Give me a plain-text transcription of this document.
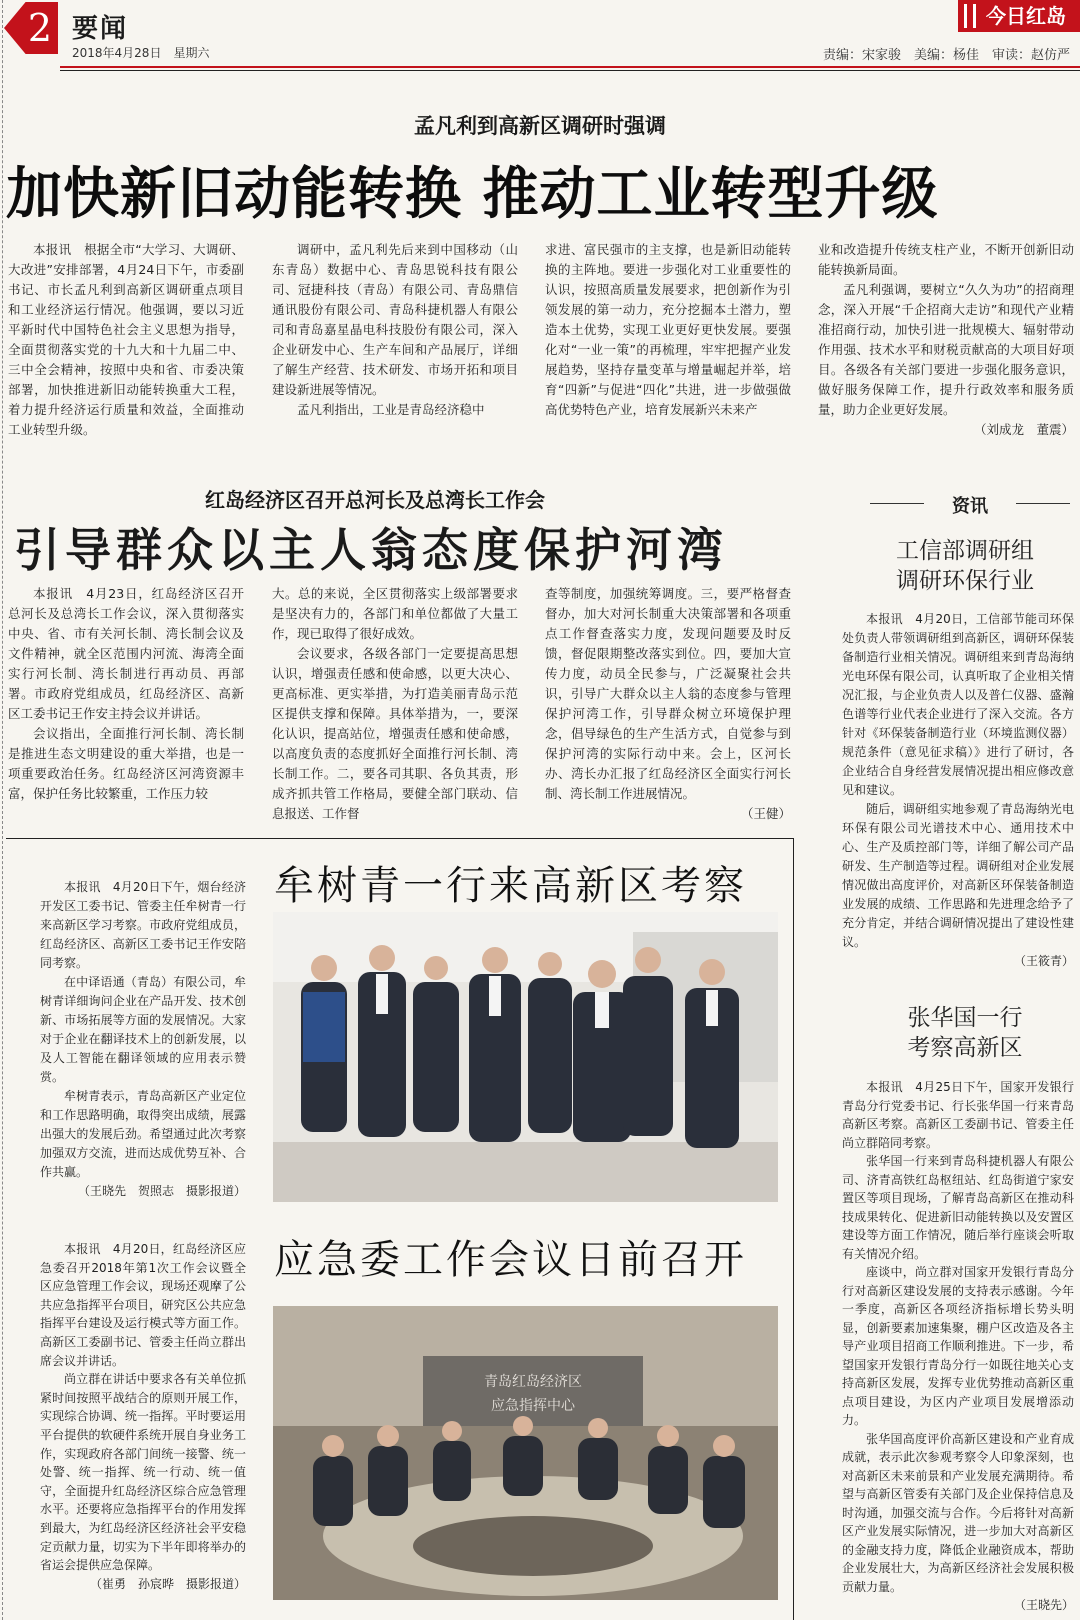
2 要闻
2018年4月28日　星期六	责编：宋家骏　美编：杨佳　审读：赵仿严
今日红岛
孟凡利到高新区调研时强调
加快新旧动能转换 推动工业转型升级

本报讯　根据全市“大学习、大调研、大改进”安排部署，4月24日下午，市委副书记、市长孟凡利到高新区调研重点项目和工业经济运行情况。他强调，要以习近平新时代中国特色社会主义思想为指导，全面贯彻落实党的十九大和十九届二中、三中全会精神，按照中央和省、市委决策部署，加快推进新旧动能转换重大工程，着力提升经济运行质量和效益，全面推动工业转型升级。

调研中，孟凡利先后来到中国移动（山东青岛）数据中心、青岛思锐科技有限公司、冠捷科技（青岛）有限公司、青岛鼎信通讯股份有限公司、青岛科捷机器人有限公司和青岛嘉星晶电科技股份有限公司，深入企业研发中心、生产车间和产品展厅，详细了解生产经营、技术研发、市场开拓和项目建设新进展等情况。

孟凡利指出，工业是青岛经济稳中

求进、富民强市的主支撑，也是新旧动能转换的主阵地。要进一步强化对工业重要性的认识，按照高质量发展要求，把创新作为引领发展的第一动力，充分挖掘本土潜力，塑造本土优势，实现工业更好更快发展。要强化对“一业一策”的再梳理，牢牢把握产业发展趋势，坚持存量变革与增量崛起并举，培育“四新”与促进“四化”共进，进一步做强做高优势特色产业，培育发展新兴未来产

业和改造提升传统支柱产业，不断开创新旧动能转换新局面。

孟凡利强调，要树立“久久为功”的招商理念，深入开展“千企招商大走访”和现代产业精准招商行动，加快引进一批规模大、辐射带动作用强、技术水平和财税贡献高的大项目好项目。各级各有关部门要进一步强化服务意识，做好服务保障工作，提升行政效率和服务质量，助力企业更好发展。

（刘成龙　董震）

红岛经济区召开总河长及总湾长工作会
引导群众以主人翁态度保护河湾

本报讯　4月23日，红岛经济区召开总河长及总湾长工作会议，深入贯彻落实中央、省、市有关河长制、湾长制会议及文件精神，就全区范围内河流、海湾全面实行河长制、湾长制进行再动员、再部署。市政府党组成员，红岛经济区、高新区工委书记王作安主持会议并讲话。

会议指出，全面推行河长制、湾长制是推进生态文明建设的重大举措，也是一项重要政治任务。红岛经济区河湾资源丰富，保护任务比较繁重，工作压力较

大。总的来说，全区贯彻落实上级部署要求是坚决有力的，各部门和单位都做了大量工作，现已取得了很好成效。

会议要求，各级各部门一定要提高思想认识，增强责任感和使命感，以更大决心、更高标准、更实举措，为打造美丽青岛示范区提供支撑和保障。具体举措为，一，要深化认识，提高站位，增强责任感和使命感，以高度负责的态度抓好全面推行河长制、湾长制工作。二，要各司其职、各负其责，形成齐抓共管工作格局，要健全部门联动、信息报送、工作督

查等制度，加强统筹调度。三，要严格督查督办，加大对河长制重大决策部署和各项重点工作督查落实力度，发现问题要及时反馈，督促限期整改落实到位。四，要加大宣传力度，动员全民参与，广泛凝聚社会共识，引导广大群众以主人翁的态度参与管理保护河湾工作，引导群众树立环境保护理念，倡导绿色的生产生活方式，自觉参与到保护河湾的实际行动中来。会上，区河长办、湾长办汇报了红岛经济区全面实行河长制、湾长制工作进展情况。

（王健）

资讯
工信部调研组
调研环保行业

本报讯　4月20日，工信部节能司环保处负责人带领调研组到高新区，调研环保装备制造行业相关情况。调研组来到青岛海纳光电环保有限公司，认真听取了企业相关情况汇报，与企业负责人以及普仁仪器、盛瀚色谱等行业代表企业进行了深入交流。各方针对《环保装备制造行业（环境监测仪器）规范条件（意见征求稿）》进行了研讨，各企业结合自身经营发展情况提出相应修改意见和建议。

随后，调研组实地参观了青岛海纳光电环保有限公司光谱技术中心、通用技术中心、生产及质控部门等，详细了解公司产品研发、生产制造等过程。调研组对企业发展情况做出高度评价，对高新区环保装备制造业发展的成绩、工作思路和先进理念给予了充分肯定，并结合调研情况提出了建设性建议。

（王筱青）

张华国一行
考察高新区

本报讯　4月25日下午，国家开发银行青岛分行党委书记、行长张华国一行来青岛高新区考察。高新区工委副书记、管委主任尚立群陪同考察。

张华国一行来到青岛科捷机器人有限公司、济青高铁红岛枢纽站、红岛街道宁家安置区等项目现场，了解青岛高新区在推动科技成果转化、促进新旧动能转换以及安置区建设等方面工作情况，随后举行座谈会听取有关情况介绍。

座谈中，尚立群对国家开发银行青岛分行对高新区建设发展的支持表示感谢。今年一季度，高新区各项经济指标增长势头明显，创新要素加速集聚，棚户区改造及各主导产业项目招商工作顺利推进。下一步，希望国家开发银行青岛分行一如既往地关心支持高新区发展，发挥专业优势推动高新区重点项目建设，为区内产业项目发展增添动力。

张华国高度评价高新区建设和产业育成成就，表示此次参观考察令人印象深刻，也对高新区未来前景和产业发展充满期待。希望与高新区管委有关部门及企业保持信息及时沟通，加强交流与合作。今后将针对高新区产业发展实际情况，进一步加大对高新区的金融支持力度，降低企业融资成本，帮助企业发展壮大，为高新区经济社会发展积极贡献力量。

（王晓先）

牟树青一行来高新区考察

本报讯　4月20日下午，烟台经济开发区工委书记、管委主任牟树青一行来高新区学习考察。市政府党组成员，红岛经济区、高新区工委书记王作安陪同考察。

在中译语通（青岛）有限公司，牟树青详细询问企业在产品开发、技术创新、市场拓展等方面的发展情况。大家对于企业在翻译技术上的创新发展，以及人工智能在翻译领域的应用表示赞赏。

牟树青表示，青岛高新区产业定位和工作思路明确，取得突出成绩，展露出强大的发展后劲。希望通过此次考察加强双方交流，进而达成优势互补、合作共赢。

（王晓先　贺照志　摄影报道）

应急委工作会议日前召开

本报讯　4月20日，红岛经济区应急委召开2018年第1次工作会议暨全区应急管理工作会议，现场还观摩了公共应急指挥平台项目，研究区公共应急指挥平台建设及运行模式等方面工作。高新区工委副书记、管委主任尚立群出席会议并讲话。

尚立群在讲话中要求各有关单位抓紧时间按照平战结合的原则开展工作，实现综合协调、统一指挥。平时要运用平台提供的软硬件系统开展自身业务工作，实现政府各部门间统一接警、统一处警、统一指挥、统一行动、统一值守，全面提升红岛经济区综合应急管理水平。还要将应急指挥平台的作用发挥到最大，为红岛经济区经济社会平安稳定贡献力量，切实为下半年即将举办的省运会提供应急保障。

（崔勇　孙宸晔　摄影报道）

青岛红岛经济区
应急指挥中心
